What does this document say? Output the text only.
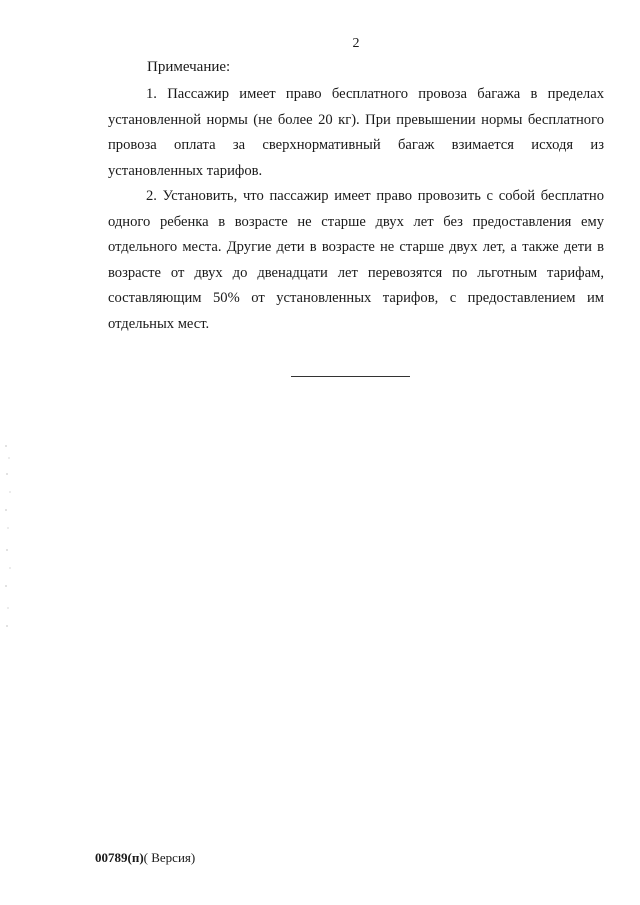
2
Примечание:

1. Пассажир имеет право бесплатного провоза багажа в пределах установленной нормы (не более 20 кг). При превышении нормы бесплатного провоза оплата за сверхнормативный багаж взимается исходя из установленных тарифов.

2. Установить, что пассажир имеет право провозить с собой бесплатно одного ребенка в возрасте не старше двух лет без предоставления ему отдельного места. Другие дети в возрасте не старше двух лет, а также дети в возрасте от двух до двенадцати лет перевозятся по льготным тарифам, составляющим 50% от установленных тарифов, с предоставлением им отдельных мест.

00789(п)( Версия)
